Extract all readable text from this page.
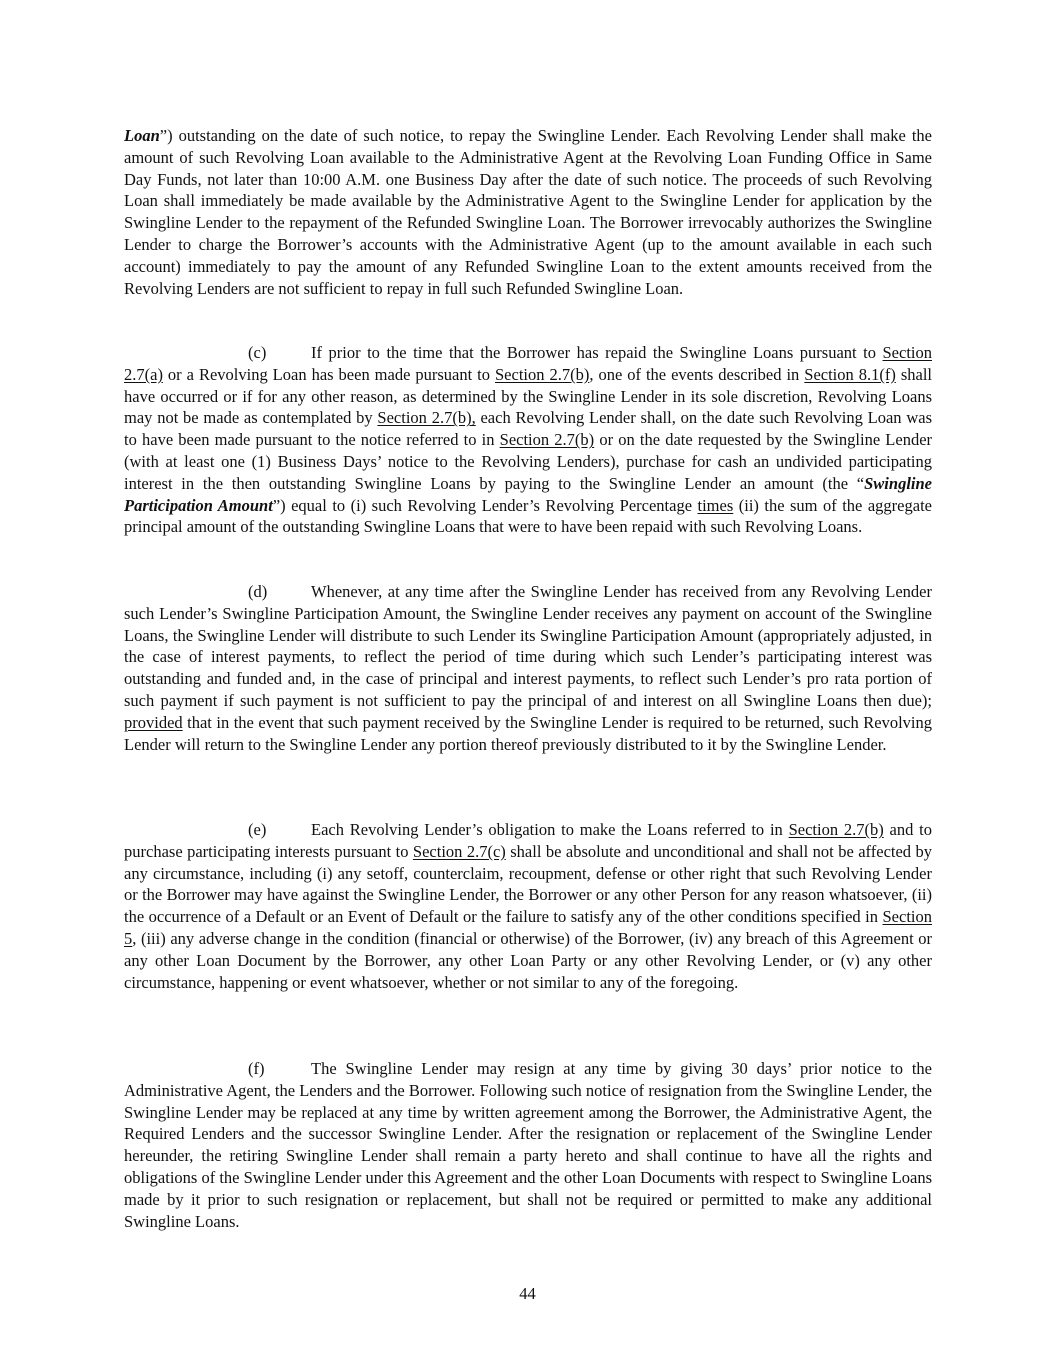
Loan”) outstanding on the date of such notice, to repay the Swingline Lender. Each Revolving Lender shall make the amount of such Revolving Loan available to the Administrative Agent at the Revolving Loan Funding Office in Same Day Funds, not later than 10:00 A.M. one Business Day after the date of such notice. The proceeds of such Revolving Loan shall immediately be made available by the Administrative Agent to the Swingline Lender for application by the Swingline Lender to the repayment of the Refunded Swingline Loan. The Borrower irrevocably authorizes the Swingline Lender to charge the Borrower’s accounts with the Administrative Agent (up to the amount available in each such account) immediately to pay the amount of any Refunded Swingline Loan to the extent amounts received from the Revolving Lenders are not sufficient to repay in full such Refunded Swingline Loan.

(c)	If prior to the time that the Borrower has repaid the Swingline Loans pursuant to Section 2.7(a) or a Revolving Loan has been made pursuant to Section 2.7(b), one of the events described in Section 8.1(f) shall have occurred or if for any other reason, as determined by the Swingline Lender in its sole discretion, Revolving Loans may not be made as contemplated by Section 2.7(b), each Revolving Lender shall, on the date such Revolving Loan was to have been made pursuant to the notice referred to in Section 2.7(b) or on the date requested by the Swingline Lender (with at least one (1) Business Days’ notice to the Revolving Lenders), purchase for cash an undivided participating interest in the then outstanding Swingline Loans by paying to the Swingline Lender an amount (the “Swingline Participation Amount”) equal to (i) such Revolving Lender’s Revolving Percentage times (ii) the sum of the aggregate principal amount of the outstanding Swingline Loans that were to have been repaid with such Revolving Loans.

(d)	Whenever, at any time after the Swingline Lender has received from any Revolving Lender such Lender’s Swingline Participation Amount, the Swingline Lender receives any payment on account of the Swingline Loans, the Swingline Lender will distribute to such Lender its Swingline Participation Amount (appropriately adjusted, in the case of interest payments, to reflect the period of time during which such Lender’s participating interest was outstanding and funded and, in the case of principal and interest payments, to reflect such Lender’s pro rata portion of such payment if such payment is not sufficient to pay the principal of and interest on all Swingline Loans then due); provided that in the event that such payment received by the Swingline Lender is required to be returned, such Revolving Lender will return to the Swingline Lender any portion thereof previously distributed to it by the Swingline Lender.

(e)	Each Revolving Lender’s obligation to make the Loans referred to in Section 2.7(b) and to purchase participating interests pursuant to Section 2.7(c) shall be absolute and unconditional and shall not be affected by any circumstance, including (i) any setoff, counterclaim, recoupment, defense or other right that such Revolving Lender or the Borrower may have against the Swingline Lender, the Borrower or any other Person for any reason whatsoever, (ii) the occurrence of a Default or an Event of Default or the failure to satisfy any of the other conditions specified in Section 5, (iii) any adverse change in the condition (financial or otherwise) of the Borrower, (iv) any breach of this Agreement or any other Loan Document by the Borrower, any other Loan Party or any other Revolving Lender, or (v) any other circumstance, happening or event whatsoever, whether or not similar to any of the foregoing.

(f)	The Swingline Lender may resign at any time by giving 30 days’ prior notice to the Administrative Agent, the Lenders and the Borrower. Following such notice of resignation from the Swingline Lender, the Swingline Lender may be replaced at any time by written agreement among the Borrower, the Administrative Agent, the Required Lenders and the successor Swingline Lender. After the resignation or replacement of the Swingline Lender hereunder, the retiring Swingline Lender shall remain a party hereto and shall continue to have all the rights and obligations of the Swingline Lender under this Agreement and the other Loan Documents with respect to Swingline Loans made by it prior to such resignation or replacement, but shall not be required or permitted to make any additional Swingline Loans.

44
